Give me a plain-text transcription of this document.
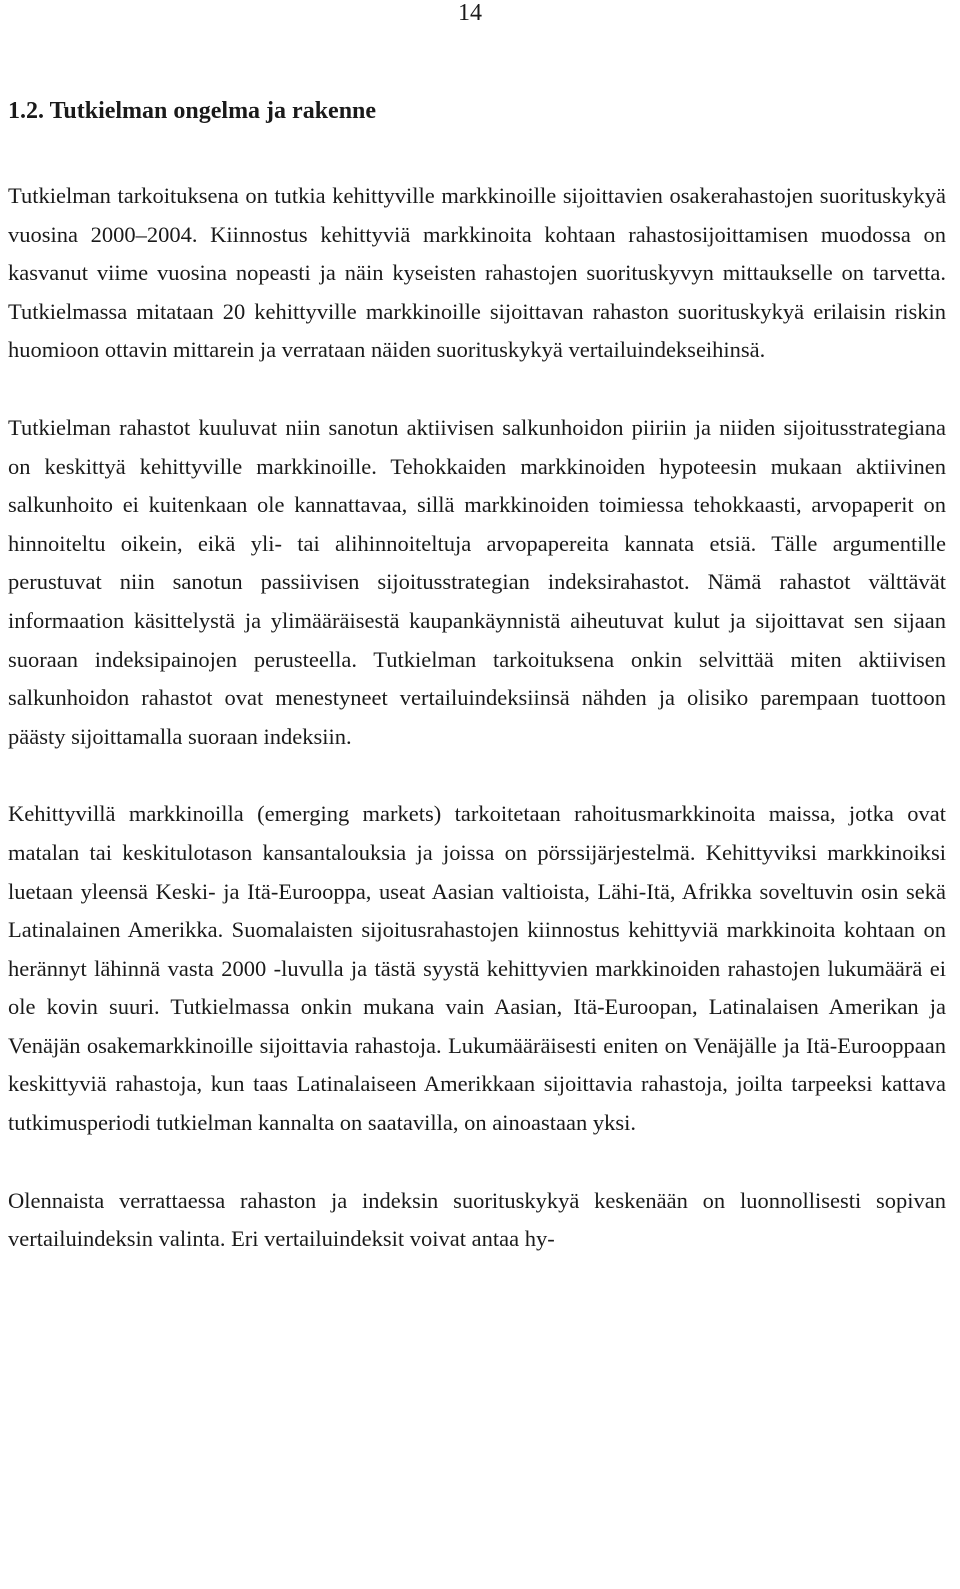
14
1.2. Tutkielman ongelma ja rakenne

Tutkielman tarkoituksena on tutkia kehittyville markkinoille sijoittavien osakerahastojen suorituskykyä vuosina 2000–2004. Kiinnostus kehittyviä markkinoita kohtaan rahastosijoittamisen muodossa on kasvanut viime vuosina nopeasti ja näin kyseisten rahastojen suorituskyvyn mittaukselle on tarvetta. Tutkielmassa mitataan 20 kehittyville markkinoille sijoittavan rahaston suorituskykyä erilaisin riskin huomioon ottavin mittarein ja verrataan näiden suorituskykyä vertailuindekseihinsä.

Tutkielman rahastot kuuluvat niin sanotun aktiivisen salkunhoidon piiriin ja niiden sijoitusstrategiana on keskittyä kehittyville markkinoille. Tehokkaiden markkinoiden hypoteesin mukaan aktiivinen salkunhoito ei kuitenkaan ole kannattavaa, sillä markkinoiden toimiessa tehokkaasti, arvopaperit on hinnoiteltu oikein, eikä yli- tai alihinnoiteltuja arvopapereita kannata etsiä. Tälle argumentille perustuvat niin sanotun passiivisen sijoitusstrategian indeksirahastot. Nämä rahastot välttävät informaation käsittelystä ja ylimääräisestä kaupankäynnistä aiheutuvat kulut ja sijoittavat sen sijaan suoraan indeksipainojen perusteella. Tutkielman tarkoituksena onkin selvittää miten aktiivisen salkunhoidon rahastot ovat menestyneet vertailuindeksiinsä nähden ja olisiko parempaan tuottoon päästy sijoittamalla suoraan indeksiin.

Kehittyvillä markkinoilla (emerging markets) tarkoitetaan rahoitusmarkkinoita maissa, jotka ovat matalan tai keskitulotason kansantalouksia ja joissa on pörssijärjestelmä. Kehittyviksi markkinoiksi luetaan yleensä Keski- ja Itä-Eurooppa, useat Aasian valtioista, Lähi-Itä, Afrikka soveltuvin osin sekä Latinalainen Amerikka. Suomalaisten sijoitusrahastojen kiinnostus kehittyviä markkinoita kohtaan on herännyt lähinnä vasta 2000 -luvulla ja tästä syystä kehittyvien markkinoiden rahastojen lukumäärä ei ole kovin suuri. Tutkielmassa onkin mukana vain Aasian, Itä-Euroopan, Latinalaisen Amerikan ja Venäjän osakemarkkinoille sijoittavia rahastoja. Lukumääräisesti eniten on Venäjälle ja Itä-Eurooppaan keskittyviä rahastoja, kun taas Latinalaiseen Amerikkaan sijoittavia rahastoja, joilta tarpeeksi kattava tutkimusperiodi tutkielman kannalta on saatavilla, on ainoastaan yksi.

Olennaista verrattaessa rahaston ja indeksin suorituskykyä keskenään on luonnollisesti sopivan vertailuindeksin valinta. Eri vertailuindeksit voivat antaa hy-
